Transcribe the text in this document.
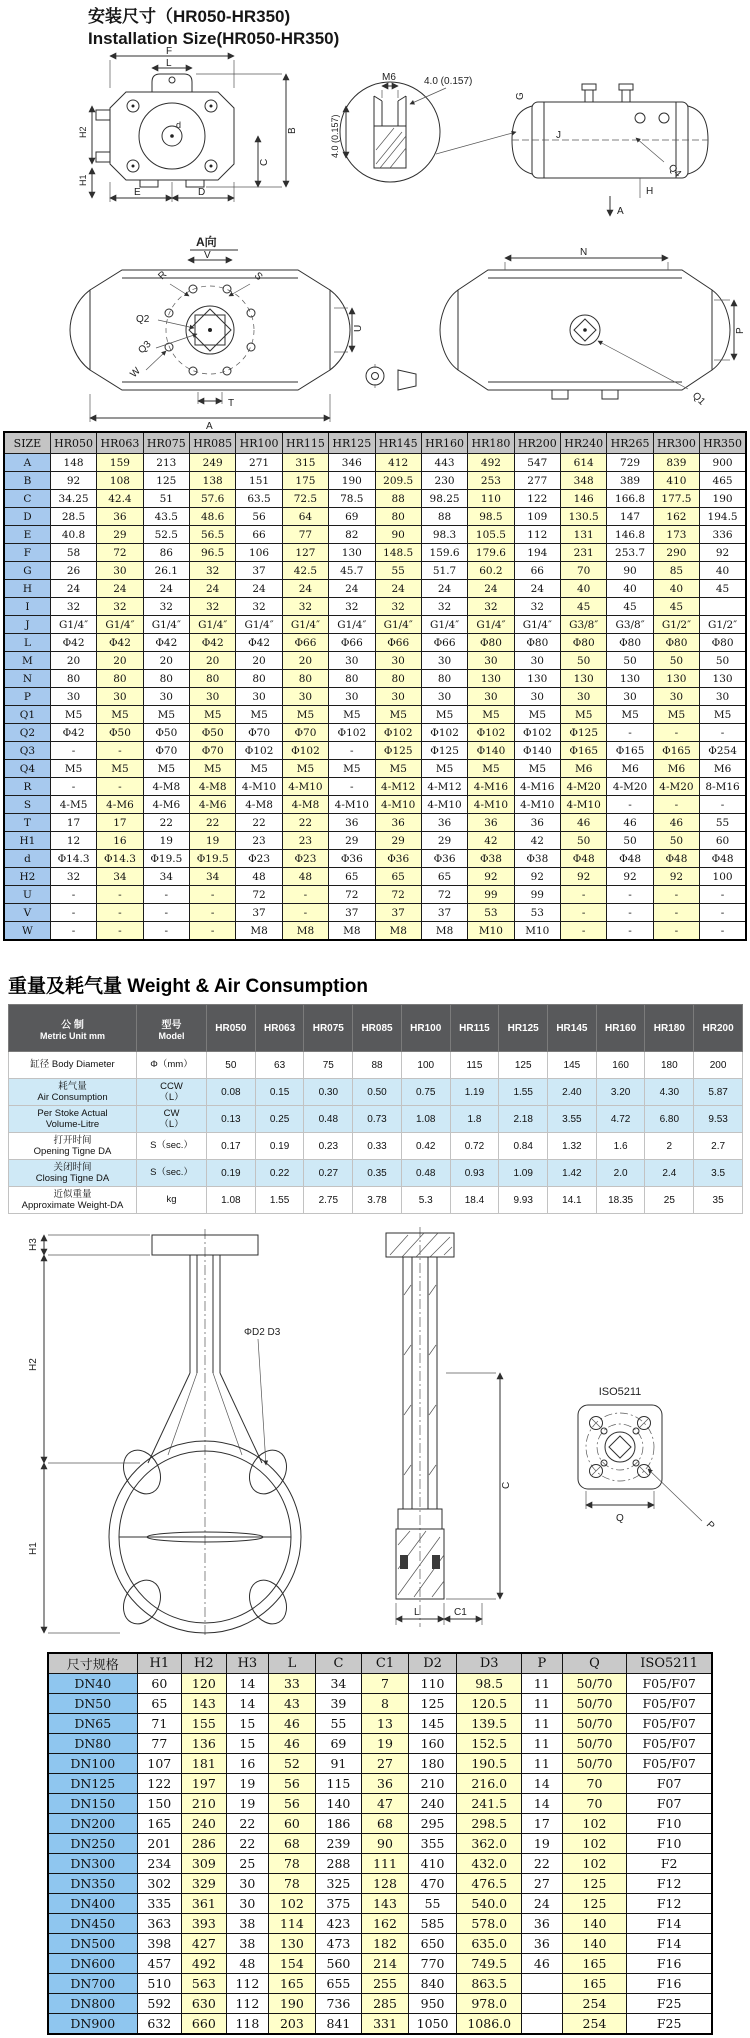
安装尺寸（HR050-HR350)
Installation Size(HR050-HR350)
F
L
B
C
d
E	D
H2
H1
M6	4.0 (0.157)
4.0 (0.157)	J
G
H
A
Q4
A向
V
R	S
Q2
Q3
U
W
T
A
N
P
Q1
SIZE	HR050	HR063	HR075	HR085	HR100	HR115	HR125	HR145	HR160	HR180	HR200	HR240	HR265	HR300	HR350
A	148	159	213	249	271	315	346	412	443	492	547	614	729	839	900
B	92	108	125	138	151	175	190	209.5	230	253	277	348	389	410	465
C	34.25	42.4	51	57.6	63.5	72.5	78.5	88	98.25	110	122	146	166.8	177.5	190
D	28.5	36	43.5	48.6	56	64	69	80	88	98.5	109	130.5	147	162	194.5
E	40.8	29	52.5	56.5	66	77	82	90	98.3	105.5	112	131	146.8	173	336
F	58	72	86	96.5	106	127	130	148.5	159.6	179.6	194	231	253.7	290	92
G	26	30	26.1	32	37	42.5	45.7	55	51.7	60.2	66	70	90	85	40
H	24	24	24	24	24	24	24	24	24	24	24	40	40	40	45
I	32	32	32	32	32	32	32	32	32	32	32	45	45	45	
J	G1/4″	G1/4″	G1/4″	G1/4″	G1/4″	G1/4″	G1/4″	G1/4″	G1/4″	G1/4″	G1/4″	G3/8″	G3/8″	G1/2″	G1/2″
L	Φ42	Φ42	Φ42	Φ42	Φ42	Φ66	Φ66	Φ66	Φ66	Φ80	Φ80	Φ80	Φ80	Φ80	Φ80
M	20	20	20	20	20	20	30	30	30	30	30	50	50	50	50
N	80	80	80	80	80	80	80	80	80	130	130	130	130	130	130
P	30	30	30	30	30	30	30	30	30	30	30	30	30	30	30
Q1	M5	M5	M5	M5	M5	M5	M5	M5	M5	M5	M5	M5	M5	M5	M5
Q2	Φ42	Φ50	Φ50	Φ50	Φ70	Φ70	Φ102	Φ102	Φ102	Φ102	Φ102	Φ125	-	-	-
Q3	-	-	Φ70	Φ70	Φ102	Φ102	-	Φ125	Φ125	Φ140	Φ140	Φ165	Φ165	Φ165	Φ254
Q4	M5	M5	M5	M5	M5	M5	M5	M5	M5	M5	M5	M6	M6	M6	M6
R	-	-	4-M8	4-M8	4-M10	4-M10	-	4-M12	4-M12	4-M16	4-M16	4-M20	4-M20	4-M20	8-M16
S	4-M5	4-M6	4-M6	4-M6	4-M8	4-M8	4-M10	4-M10	4-M10	4-M10	4-M10	4-M10	-	-	-
T	17	17	22	22	22	22	36	36	36	36	36	46	46	46	55
H1	12	16	19	19	23	23	29	29	29	42	42	50	50	50	60
d	Φ14.3	Φ14.3	Φ19.5	Φ19.5	Φ23	Φ23	Φ36	Φ36	Φ36	Φ38	Φ38	Φ48	Φ48	Φ48	Φ48
H2	32	34	34	34	48	48	65	65	65	92	92	92	92	92	100
U	-	-	-	-	72	-	72	72	72	99	99	-	-	-	-
V	-	-	-	-	37	-	37	37	37	53	53	-	-	-	-
W	-	-	-	-	M8	M8	M8	M8	M8	M10	M10	-	-	-	-
重量及耗气量 Weight & Air Consumption
公 制
Metric Unit mm

型号
Model
	HR050	HR063	HR075	HR085	HR100	HR115	HR125	HR145	HR160	HR180	HR200

缸径 Body Diameter	Φ（mm）	50	63	75	88	100	115	125	145	160	180	200

耗气量
Air Consumption

CCW
（L）	0.08	0.15	0.30	0.50	0.75	1.19	1.55	2.40	3.20	4.30	5.87

Per Stoke Actual
Volume-Litre

CW
（L）	0.13	0.25	0.48	0.73	1.08	1.8	2.18	3.55	4.72	6.80	9.53

打开时间
Opening Tigne DA	S（sec.）	0.17	0.19	0.23	0.33	0.42	0.72	0.84	1.32	1.6	2	2.7

关闭时间
Closing Tigne DA	S（sec.）	0.19	0.22	0.27	0.35	0.48	0.93	1.09	1.42	2.0	2.4	3.5

近似重量
Approximate Weight-DA	kg	1.08	1.55	2.75	3.78	5.3	18.4	9.93	14.1	18.35	25	35
H3
H2
H1
ΦD2 D3
C
L	C1
ISO5211
Q
P
尺寸规格	H1	H2	H3	L	C	C1	D2	D3	P	Q	ISO5211
DN40	60	120	14	33	34	7	110	98.5	11	50/70	F05/F07
DN50	65	143	14	43	39	8	125	120.5	11	50/70	F05/F07
DN65	71	155	15	46	55	13	145	139.5	11	50/70	F05/F07
DN80	77	136	15	46	69	19	160	152.5	11	50/70	F05/F07
DN100	107	181	16	52	91	27	180	190.5	11	50/70	F05/F07
DN125	122	197	19	56	115	36	210	216.0	14	70	F07
DN150	150	210	19	56	140	47	240	241.5	14	70	F07
DN200	165	240	22	60	186	68	295	298.5	17	102	F10
DN250	201	286	22	68	239	90	355	362.0	19	102	F10
DN300	234	309	25	78	288	111	410	432.0	22	102	F2
DN350	302	329	30	78	325	128	470	476.5	27	125	F12
DN400	335	361	30	102	375	143	55	540.0	24	125	F12
DN450	363	393	38	114	423	162	585	578.0	36	140	F14
DN500	398	427	38	130	473	182	650	635.0	36	140	F14
DN600	457	492	48	154	560	214	770	749.5	46	165	F16
DN700	510	563	112	165	655	255	840	863.5		165	F16
DN800	592	630	112	190	736	285	950	978.0		254	F25
DN900	632	660	118	203	841	331	1050	1086.0		254	F25
